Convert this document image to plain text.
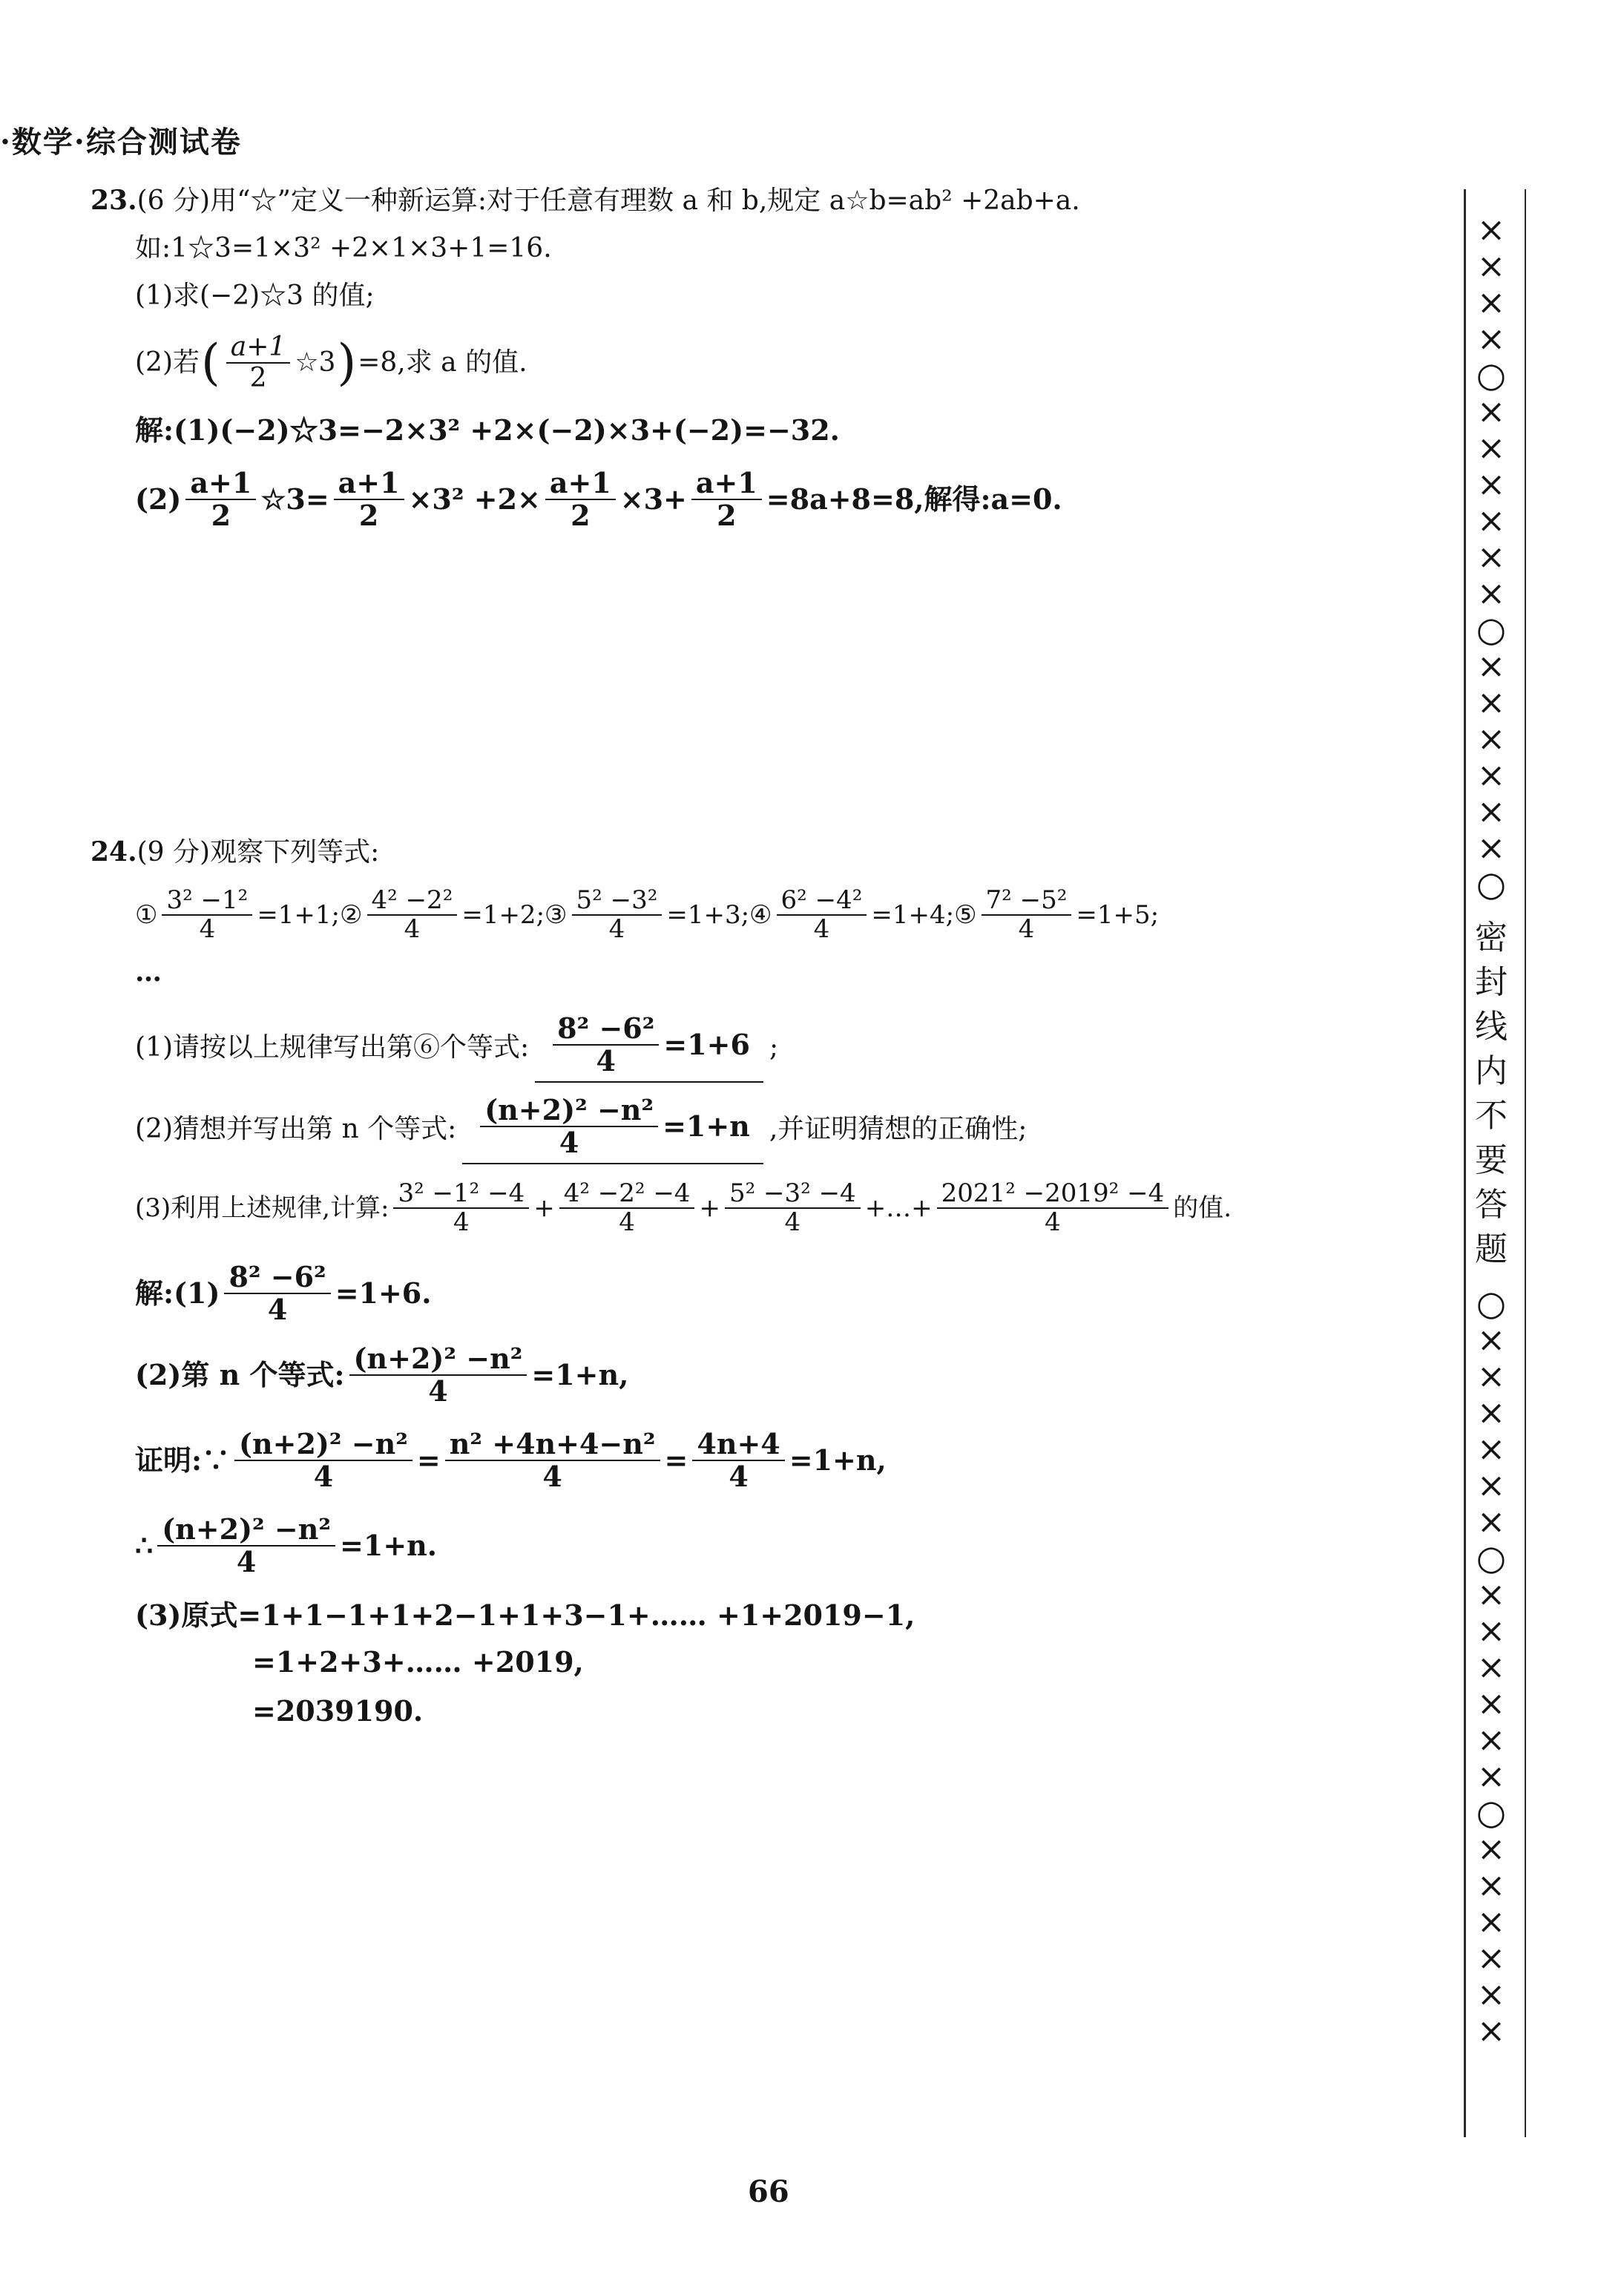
·数学·综合测试卷
23. (6 分)用“☆”定义一种新运算:对于任意有理数 a 和 b,规定 a☆b=ab² +2ab+a.
如:1☆3=1×3² +2×1×3+1=16.
(1)求(−2)☆3 的值;
(2)若 ( $\frac{a+1}{2}$ ☆3 ) =8,求 a 的值.
解:(1)(−2)☆3=−2×3² +2×(−2)×3+(−2)=−32.
$(2) \frac{a+1}{2}$ ☆3= $\frac{a+1}{2} \times 3^2 +2\times \frac{a+1}{2} \times 3+ \frac{a+1}{2} =8a+8=8$,解得:a=0.
24. (9 分)观察下列等式:
① $\frac{\text{3² −1²}}{4} =1+1$; ② $\frac{\text{4² −2²}}{4} =1+2$; ③ $\frac{\text{5² −3²}}{4} =1+3$; ④ $\frac{\text{6² −4²}}{4} =1+4$; ⑤ $\frac{\text{7² −5²}}{4} =1+5$;
…
(1)请按以上规律写出第⑥个等式: $\frac{\text{8² −6²}}{4} =1+6$ ;
(2)猜想并写出第 n 个等式: $\frac{\text{(n+2)² −n²}}{4} =1+n$ ,并证明猜想的正确性;
(3)利用上述规律,计算: $\frac{\text{3² −1² −4}}{4} + \frac{\text{4² −2² −4}}{4} + \frac{\text{5² −3² −4}}{4}$ +…+ $\frac{\text{2021² −2019² −4}}{4}$ 的值.
解:(1) $\frac{\text{8² −6²}}{4} =1+6$.
(2)第 n 个等式: $\frac{\text{(n+2)² −n²}}{4} =1+n$,
证明:∵ $\frac{\text{(n+2)² −n²}}{4} = \frac{\text{n² +4n+4−n²}}{4} = \frac{4n+4}{4} =1+n$,
∴ $\frac{\text{(n+2)² −n²}}{4} =1+n$.
(3)原式=1+1−1+1+2−1+1+3−1+…… +1+2019−1,
=1+2+3+…… +2019,
=2039190.
××××○××××××○××××××○
密封线内不要答题
○××××××○××××××○××××××
66
